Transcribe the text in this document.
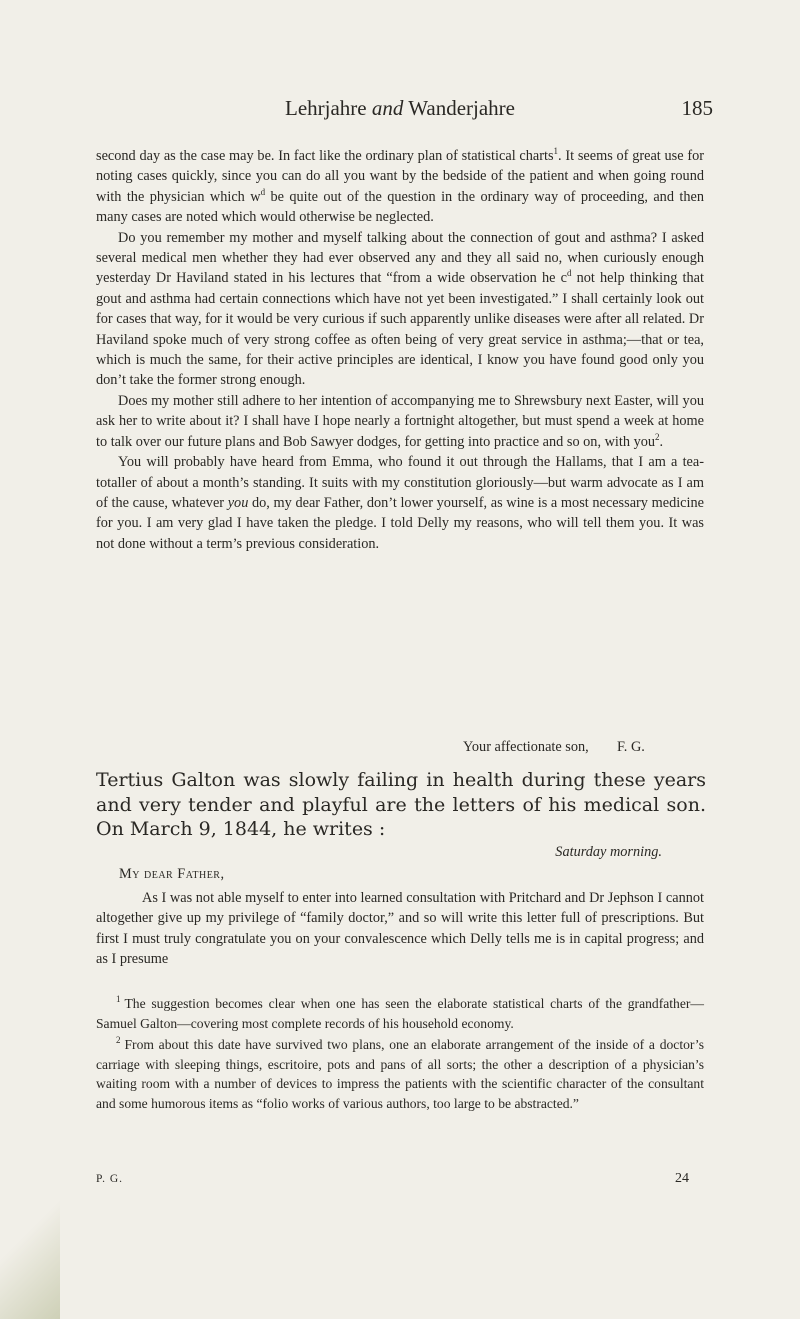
Lehrjahre and Wanderjahre	185

second day as the case may be. In fact like the ordinary plan of statistical charts$^1$. It seems of great use for noting cases quickly, since you can do all you want by the bedside of the patient and when going round with the physician which $w^d$ be quite out of the question in the ordinary way of proceeding, and then many cases are noted which would otherwise be neglected.

Do you remember my mother and myself talking about the connection of gout and asthma? I asked several medical men whether they had ever observed any and they all said no, when curiously enough yesterday Dr Haviland stated in his lectures that “from a wide observation he $c^d$ not help thinking that gout and asthma had certain connections which have not yet been investigated.” I shall certainly look out for cases that way, for it would be very curious if such apparently unlike diseases were after all related. Dr Haviland spoke much of very strong coffee as often being of very great service in asthma;—that or tea, which is much the same, for their active principles are identical, I know you have found good only you don’t take the former strong enough.

Does my mother still adhere to her intention of accompanying me to Shrewsbury next Easter, will you ask her to write about it? I shall have I hope nearly a fortnight altogether, but must spend a week at home to talk over our future plans and Bob Sawyer dodges, for getting into practice and so on, with you$^2$.

You will probably have heard from Emma, who found it out through the Hallams, that I am a tea-totaller of about a month’s standing. It suits with my constitution gloriously—but warm advocate as I am of the cause, whatever you do, my dear Father, don’t lower yourself, as wine is a most necessary medicine for you. I am very glad I have taken the pledge. I told Delly my reasons, who will tell them you. It was not done without a term’s previous consideration.

Your affectionate son, F. G.
Tertius Galton was slowly failing in health during these years and very tender and playful are the letters of his medical son. On March 9, 1844, he writes :
Saturday morning.
My dear Father,

As I was not able myself to enter into learned consultation with Pritchard and Dr Jephson I cannot altogether give up my privilege of “family doctor,” and so will write this letter full of prescriptions. But first I must truly congratulate you on your convalescence which Delly tells me is in capital progress; and as I presume

$^1$ The suggestion becomes clear when one has seen the elaborate statistical charts of the grandfather—Samuel Galton—covering most complete records of his household economy.

$^2$ From about this date have survived two plans, one an elaborate arrangement of the inside of a doctor’s carriage with sleeping things, escritoire, pots and pans of all sorts; the other a description of a physician’s waiting room with a number of devices to impress the patients with the scientific character of the consultant and some humorous items as “folio works of various authors, too large to be abstracted.”

P. G.	24
